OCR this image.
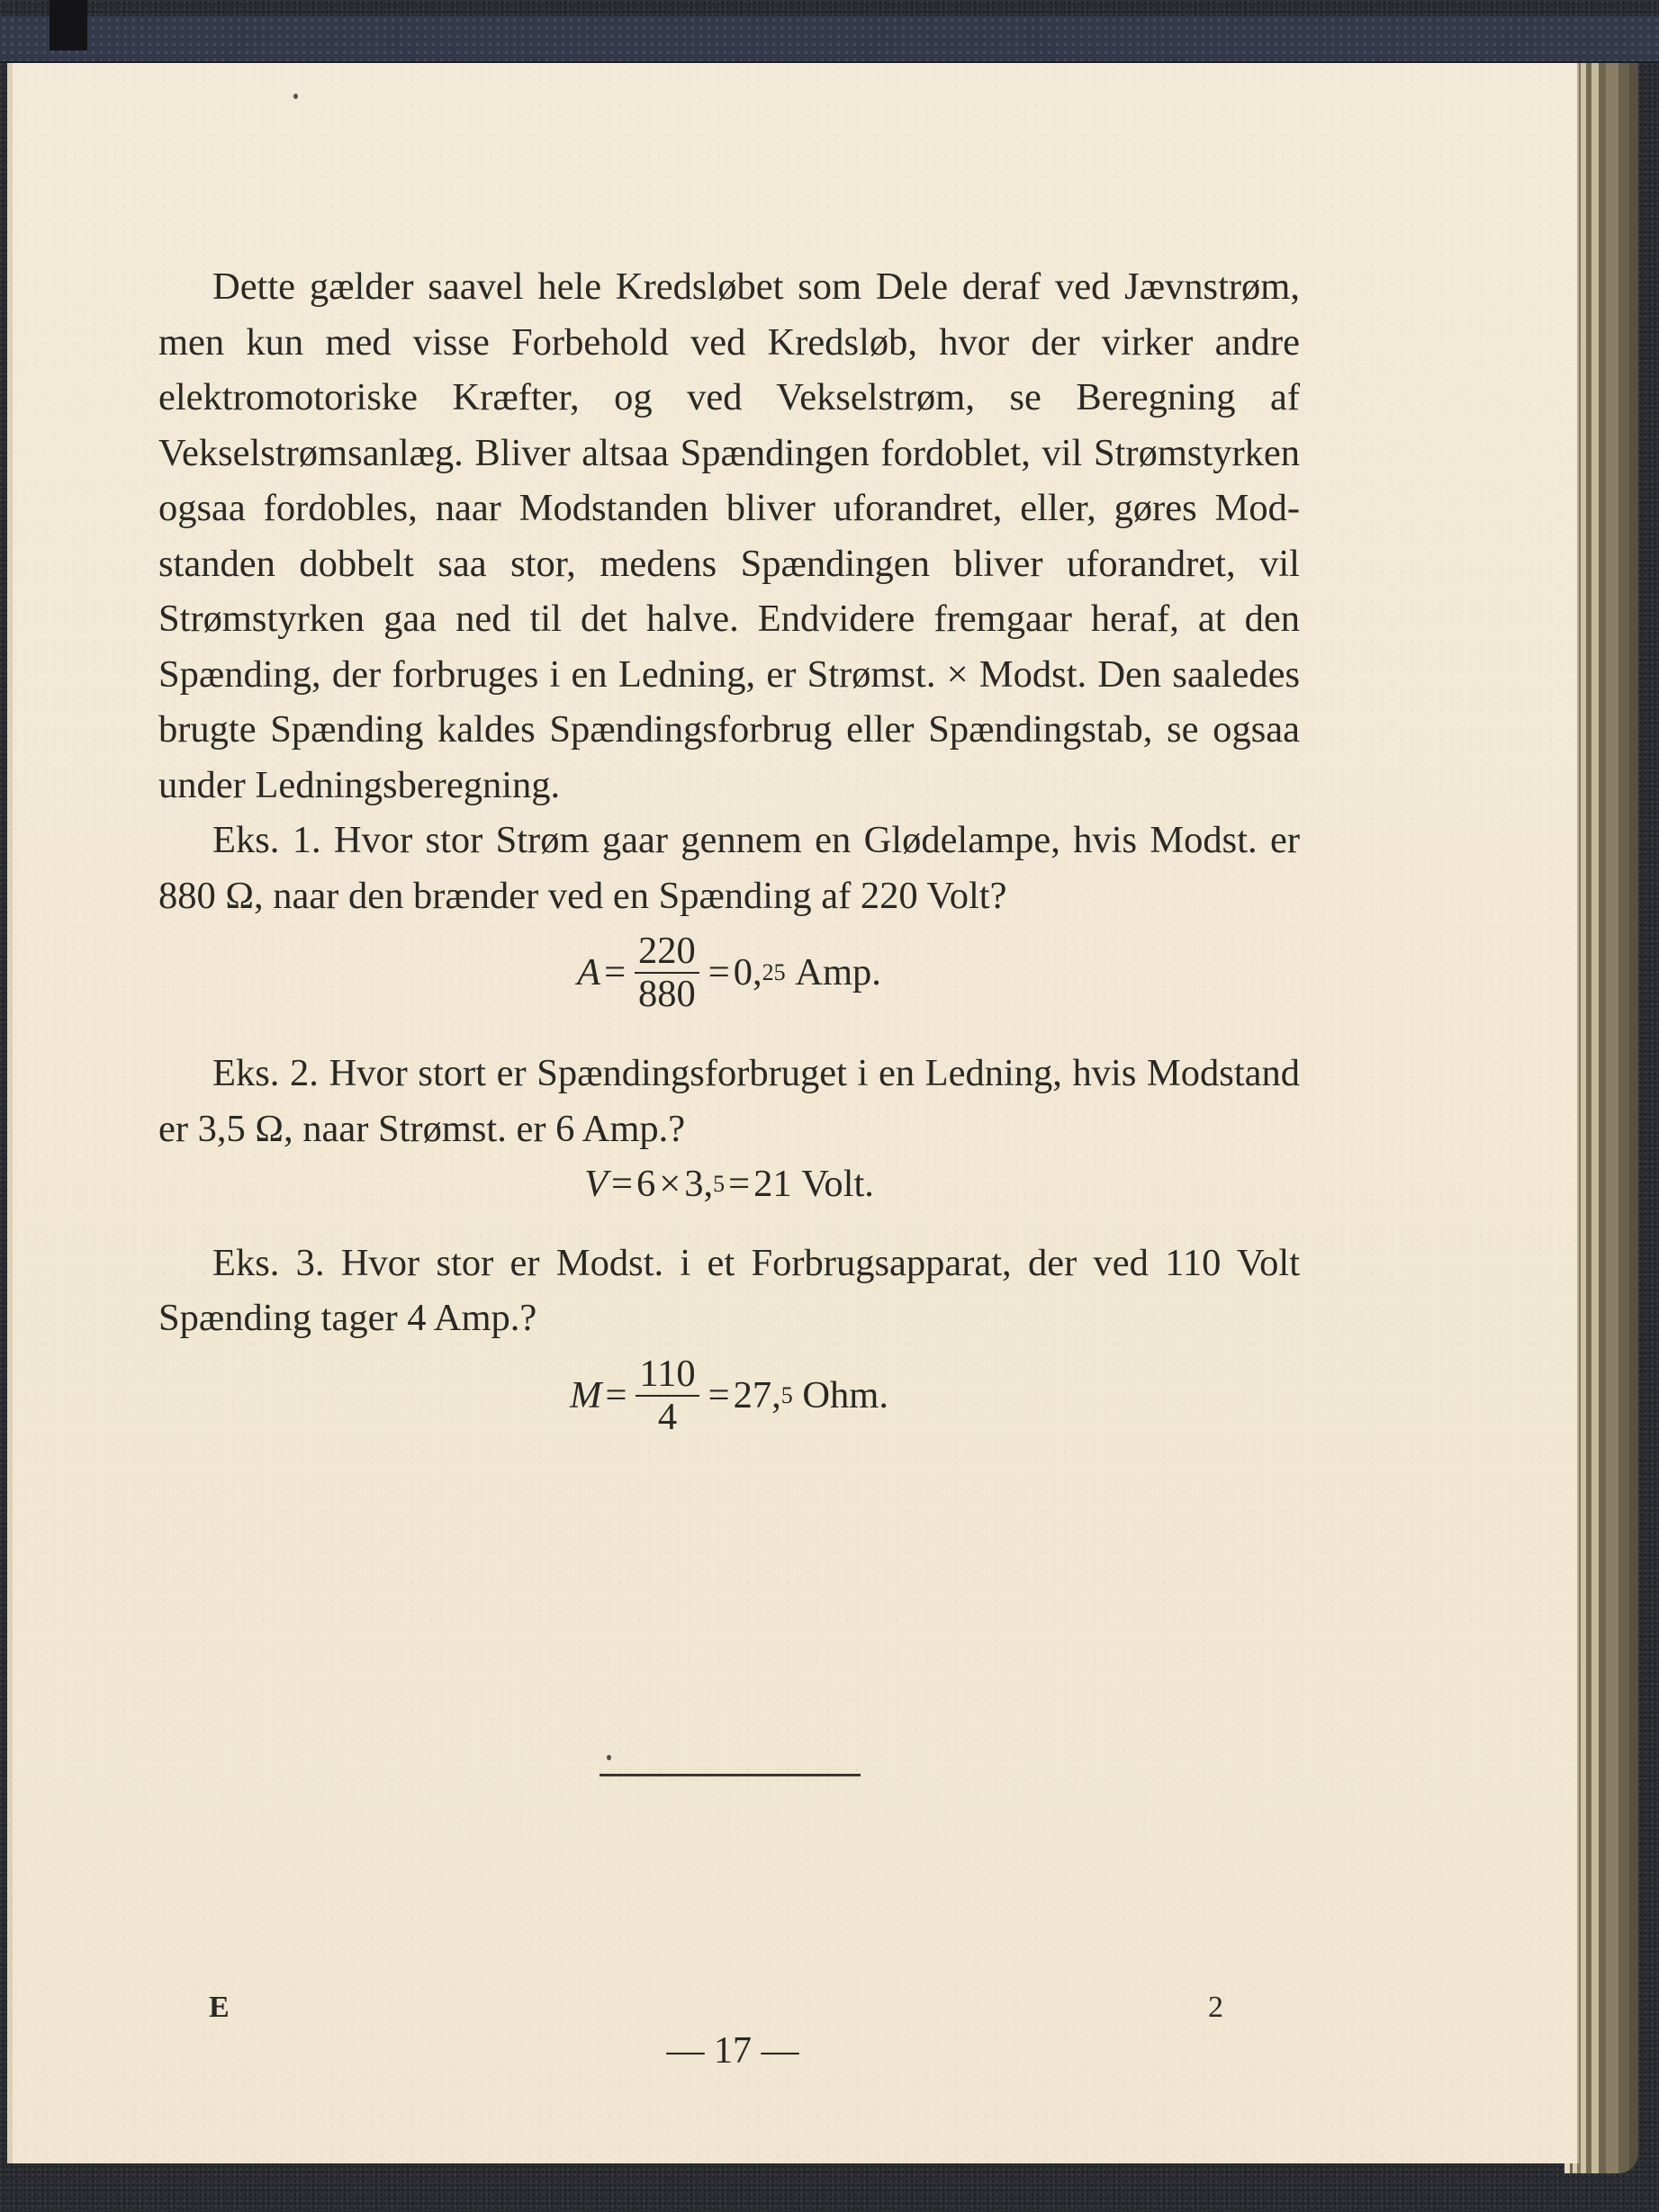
Dette gælder saavel hele Kredsløbet som Dele deraf ved Jævnstrøm, men kun med visse Forbehold ved Kredsløb, hvor der virker andre elektromotoriske Kræfter, og ved Vekselstrøm, se Beregning af Vekselstrømsanlæg. Bliver altsaa Spændingen fordoblet, vil Strømstyrken ogsaa fordobles, naar Modstanden bliver uforandret, eller, gøres Modstanden dobbelt saa stor, medens Spændingen bliver uforandret, vil Strømstyrken gaa ned til det halve. Endvidere fremgaar heraf, at den Spænding, der forbruges i en Ledning, er Strømst. × Modst. Den saaledes brugte Spænding kaldes Spændingsforbrug eller Spændingstab, se ogsaa under Ledningsberegning.

Eks. 1. Hvor stor Strøm gaar gennem en Glødelampe, hvis Modst. er 880 Ω, naar den brænder ved en Spænding af 220 Volt?

$A = \frac{220}{880} = 0$, 25
Amp.

Eks. 2. Hvor stort er Spændingsforbruget i en Ledning, hvis Modstand er 3,5 Ω, naar Strømst. er 6 Amp.?

V = 6 × 3, 5 = 21
Volt.

Eks. 3. Hvor stor er Modst. i et Forbrugsapparat, der ved 110 Volt Spænding tager 4 Amp.?

$M = \frac{110}{4} = 27$, 5
Ohm.
E	2
— 17 —
